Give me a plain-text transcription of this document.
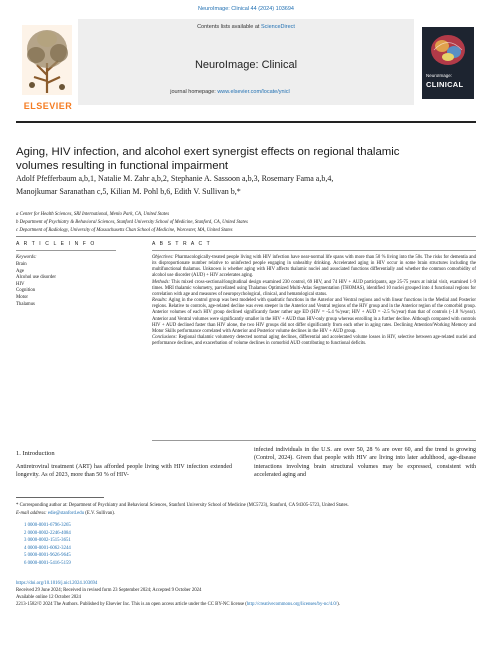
NeuroImage: Clinical 44 (2024) 103694
ELSEVIER
Contents lists available at ScienceDirect
NeuroImage: Clinical
NeuroImage:
CLINICAL
journal homepage: www.elsevier.com/locate/ynicl
Aging, HIV infection, and alcohol exert synergist effects on regional thalamic volumes resulting in functional impairment
Adolf Pfefferbaum a,b,1, Natalie M. Zahr a,b,2, Stephanie A. Sassoon a,b,3, Rosemary Fama a,b,4,
Manojkumar Saranathan c,5, Kilian M. Pohl b,6, Edith V. Sullivan b,*
a Center for Health Sciences, SRI International, Menlo Park, CA, United States
b Department of Psychiatry & Behavioral Sciences, Stanford University School of Medicine, Stanford, CA, United States
c Department of Radiology, University of Massachusetts Chan School of Medicine, Worcester, MA, United States
A R T I C L E I N F O
Keywords:
Brain
Age
Alcohol use disorder
HIV
Cognition
Motor
Thalamus
A B S T R A C T

Objectives: Pharmacologically-treated people living with HIV infection have near-normal life spans with more than 50 % living into the 50s. The risks for dementia and its disproportionate number relative to uninfected people engaging in unhealthy drinking. Accelerated aging in HIV occur in some brain structures including the multifunctional thalamus. Unknown is whether aging with HIV affects thalamic nuclei and associated functions differentially and whether the common comorbidity of alcohol use disorder (AUD) + HIV accelerates aging.

Methods: This mixed cross-sectional/longitudinal design examined 230 control, 69 HIV, and 74 HIV + AUD participants, age 25-75 years at initial visit, examined 1-9 times. MRI thalamic volumetry, parcellated using Thalamus Optimized Multi-Atlas Segmentation (THOMAS), identified 10 nuclei grouped into 4 functional regions for correlation with age and measures of neuropsychological, clinical, and hematological status.

Results: Aging in the control group was best modeled with quadratic functions in the Anterior and Ventral regions and with linear functions in the Medial and Posterior regions. Relative to controls, age-related decline was even steeper in the Anterior and Ventral regions of the HIV group and in the Anterior region of the comorbid group. Anterior volumes of each HIV group declined significantly faster rather age ED (HIV = -5.4 %/year; HIV + AUD = -2.5 %/year) than that of controls (-1.8 %/year). Anterior and Ventral volumes were significantly smaller in the HIV + AUD than HIV-only group whereas enrolling in a further decline. Although compared with controls HIV + AUD declined faster than HIV alone, the two HIV groups did not differ significantly from each other in aging rates. Declining Attention/Working Memory and Motor Skills performance correlated with Anterior and Posterior volume declines in the HIV + AUD group.

Conclusions: Regional thalamic volumetry detected normal aging declines, differential and accelerated volume losses in HIV, selective between age-related nuclei and performance declines, and exacerbation of volume declines in comorbid AUD contributing to functional deficits.

1. Introduction
Antiretroviral treatment (ART) has afforded people living with HIV infection extended longevity. As of 2023, more than 50 % of HIV-
infected individuals in the U.S. are over 50, 28 % are over 60, and the trend is growing (Control, 2024). Given that people with HIV are living into later adulthood, age-disease interactions involving brain structural volumes may be expressed, consistent with accelerated aging and
* Corresponding author at: Department of Psychiatry and Behavioral Sciences, Stanford University School of Medicine (MC5723), Stanford, CA 94305-5723, United States.
E-mail address: edie@stanford.edu (E.V. Sullivan).
1 0000-0001-6796-3265
2 0000-0002-2246-4084
3 0000-0002-1515-3651
4 0000-0001-6062-3244
5 0000-0001-9626-9645
6 0000-0001-5416-5159
https://doi.org/10.1016/j.nicl.2024.103694
Received 29 June 2024; Received in revised form 23 September 2024; Accepted 9 October 2024
Available online 12 October 2024
2213-1582/© 2024 The Authors. Published by Elsevier Inc. This is an open access article under the CC BY-NC license (http://creativecommons.org/licenses/by-nc/4.0/).
